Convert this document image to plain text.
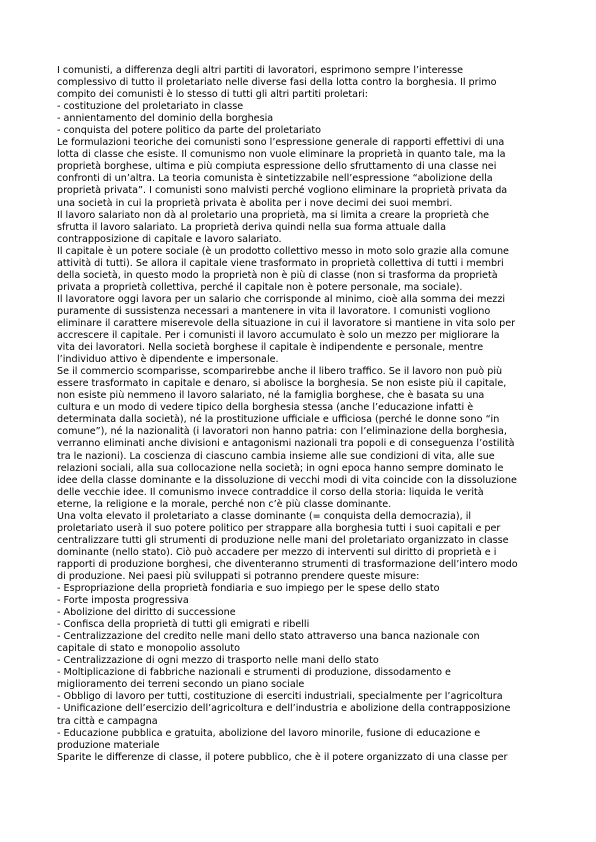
I comunisti, a differenza degli altri partiti di lavoratori, esprimono sempre l’interesse

complessivo di tutto il proletariato nelle diverse fasi della lotta contro la borghesia. Il primo

compito dei comunisti è lo stesso di tutti gli altri partiti proletari:

- costituzione del proletariato in classe

- annientamento del dominio della borghesia

- conquista del potere politico da parte del proletariato

Le formulazioni teoriche dei comunisti sono l’espressione generale di rapporti effettivi di una

lotta di classe che esiste. Il comunismo non vuole eliminare la proprietà in quanto tale, ma la

proprietà borghese, ultima e più compiuta espressione dello sfruttamento di una classe nei

confronti di un’altra. La teoria comunista è sintetizzabile nell’espressione “abolizione della

proprietà privata”. I comunisti sono malvisti perché vogliono eliminare la proprietà privata da

una società in cui la proprietà privata è abolita per i nove decimi dei suoi membri.

Il lavoro salariato non dà al proletario una proprietà, ma si limita a creare la proprietà che

sfrutta il lavoro salariato. La proprietà deriva quindi nella sua forma attuale dalla

contrapposizione di capitale e lavoro salariato.

Il capitale è un potere sociale (è un prodotto collettivo messo in moto solo grazie alla comune

attività di tutti). Se allora il capitale viene trasformato in proprietà collettiva di tutti i membri

della società, in questo modo la proprietà non è più di classe (non si trasforma da proprietà

privata a proprietà collettiva, perché il capitale non è potere personale, ma sociale).

Il lavoratore oggi lavora per un salario che corrisponde al minimo, cioè alla somma dei mezzi

puramente di sussistenza necessari a mantenere in vita il lavoratore. I comunisti vogliono

eliminare il carattere miserevole della situazione in cui il lavoratore si mantiene in vita solo per

accrescere il capitale. Per i comunisti il lavoro accumulato è solo un mezzo per migliorare la

vita dei lavoratori. Nella società borghese il capitale è indipendente e personale, mentre

l’individuo attivo è dipendente e impersonale.

Se il commercio scomparisse, scomparirebbe anche il libero traffico. Se il lavoro non può più

essere trasformato in capitale e denaro, si abolisce la borghesia. Se non esiste più il capitale,

non esiste più nemmeno il lavoro salariato, né la famiglia borghese, che è basata su una

cultura e un modo di vedere tipico della borghesia stessa (anche l’educazione infatti è

determinata dalla società), né la prostituzione ufficiale e ufficiosa (perché le donne sono “in

comune”), né la nazionalità (i lavoratori non hanno patria: con l’eliminazione della borghesia,

verranno eliminati anche divisioni e antagonismi nazionali tra popoli e di conseguenza l’ostilità

tra le nazioni). La coscienza di ciascuno cambia insieme alle sue condizioni di vita, alle sue

relazioni sociali, alla sua collocazione nella società; in ogni epoca hanno sempre dominato le

idee della classe dominante e la dissoluzione di vecchi modi di vita coincide con la dissoluzione

delle vecchie idee. Il comunismo invece contraddice il corso della storia: liquida le verità

eterne, la religione e la morale, perché non c’è più classe dominante.

Una volta elevato il proletariato a classe dominante (= conquista della democrazia), il

proletariato userà il suo potere politico per strappare alla borghesia tutti i suoi capitali e per

centralizzare tutti gli strumenti di produzione nelle mani del proletariato organizzato in classe

dominante (nello stato). Ciò può accadere per mezzo di interventi sul diritto di proprietà e i

rapporti di produzione borghesi, che diventeranno strumenti di trasformazione dell’intero modo

di produzione. Nei paesi più sviluppati si potranno prendere queste misure:

- Espropriazione della proprietà fondiaria e suo impiego per le spese dello stato

- Forte imposta progressiva

- Abolizione del diritto di successione

- Confisca della proprietà di tutti gli emigrati e ribelli

- Centralizzazione del credito nelle mani dello stato attraverso una banca nazionale con

capitale di stato e monopolio assoluto

- Centralizzazione di ogni mezzo di trasporto nelle mani dello stato

- Moltiplicazione di fabbriche nazionali e strumenti di produzione, dissodamento e

miglioramento dei terreni secondo un piano sociale

- Obbligo di lavoro per tutti, costituzione di eserciti industriali, specialmente per l’agricoltura

- Unificazione dell’esercizio dell’agricoltura e dell’industria e abolizione della contrapposizione

tra città e campagna

- Educazione pubblica e gratuita, abolizione del lavoro minorile, fusione di educazione e

produzione materiale

Sparite le differenze di classe, il potere pubblico, che è il potere organizzato di una classe per
